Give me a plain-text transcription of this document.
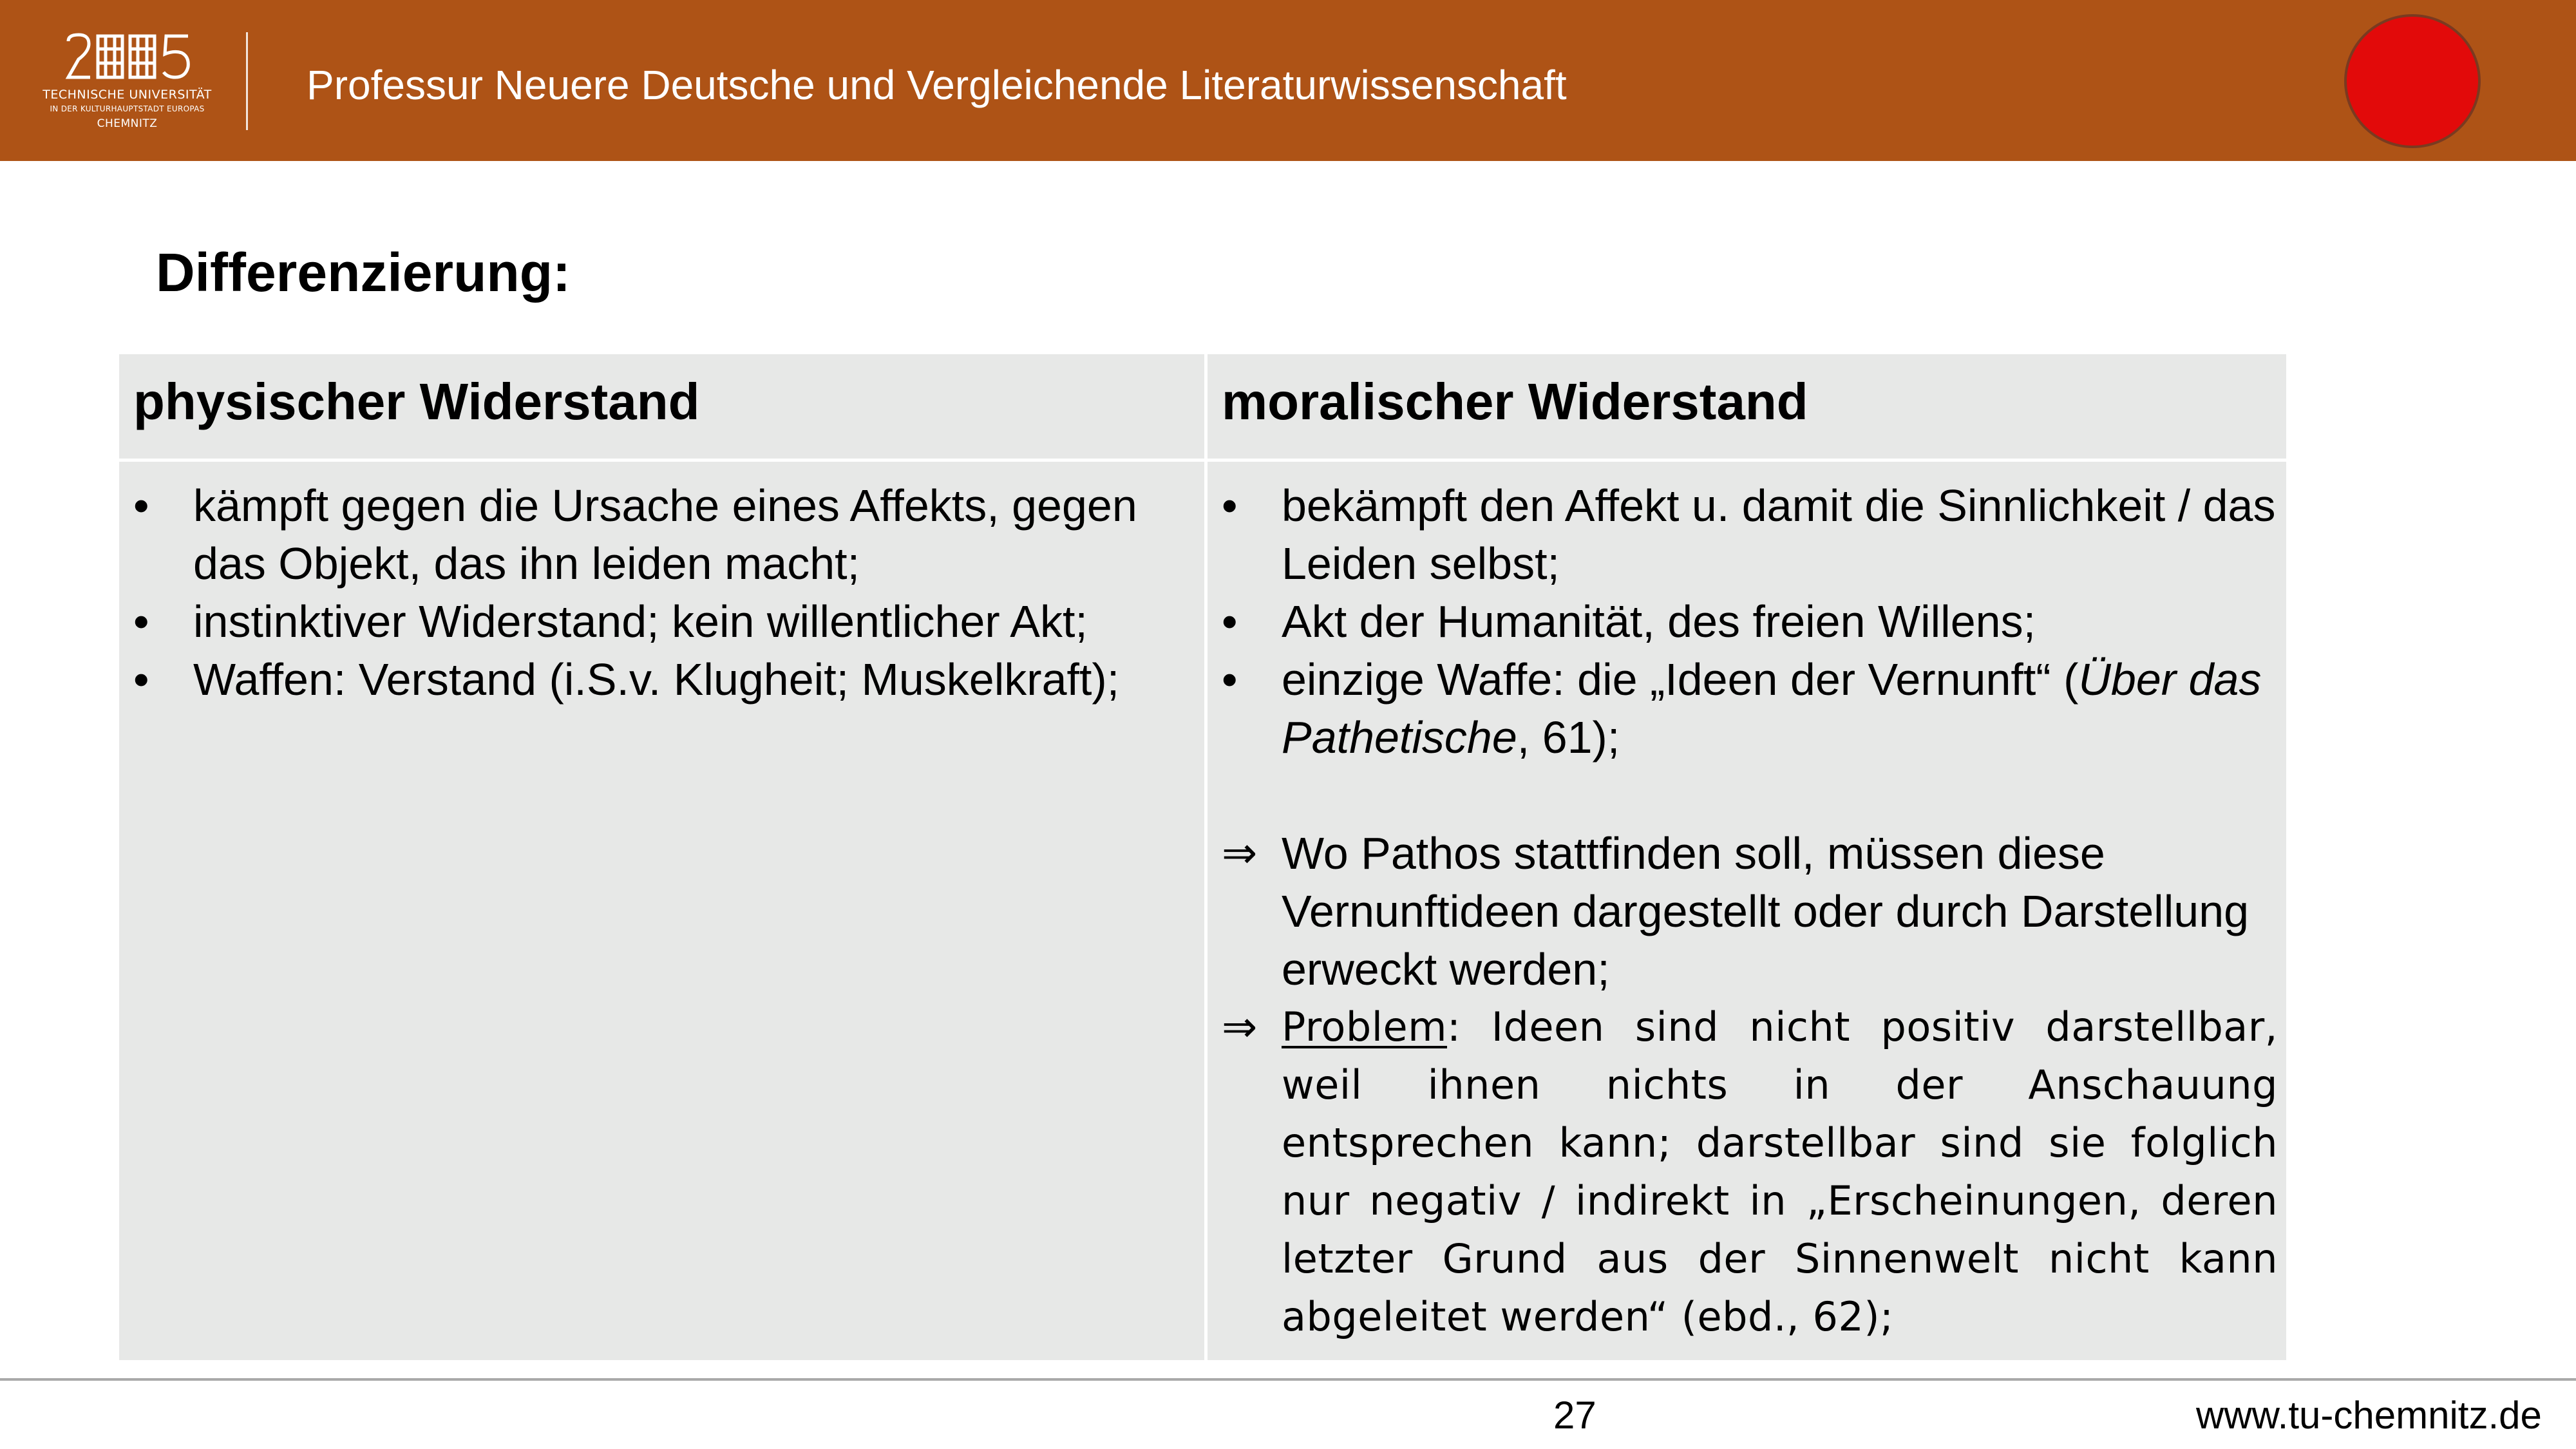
TECHNISCHE UNIVERSITÄT
IN DER KULTURHAUPTSTADT EUROPAS
CHEMNITZ
Professur Neuere Deutsche und Vergleichende Literaturwissenschaft
Differenzierung:
physischer Widerstand	moralischer Widerstand
• kämpft gegen die Ursache eines Affekts, gegen das Objekt, das ihn leiden macht;
• instinktiver Widerstand; kein willentlicher Akt;
• Waffen: Verstand (i.S.v. Klugheit; Muskelkraft);
• bekämpft den Affekt u. damit die Sinnlichkeit / das Leiden selbst;
• Akt der Humanität, des freien Willens;
• einzige Waffe: die „Ideen der Vernunft“ (Über das Pathetische, 61);
⇒ Wo Pathos stattfinden soll, müssen diese Vernunftideen dargestellt oder durch Darstellung erweckt werden;
⇒ Problem: Ideen sind nicht positiv darstellbar, weil ihnen nichts in der Anschauung entsprechen kann; darstellbar sind sie folglich nur negativ / indirekt in „Erscheinungen, deren letzter Grund aus der Sinnenwelt nicht kann abgeleitet werden“ (ebd., 62);
27	www.tu-chemnitz.de
